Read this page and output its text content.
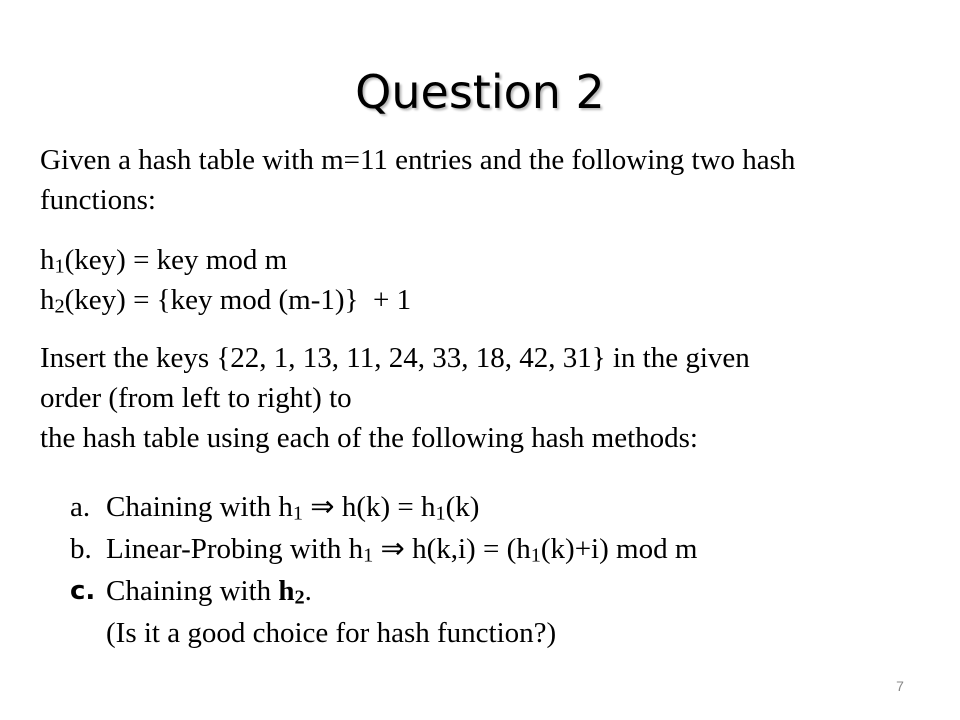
Question 2
Given a hash table with m=11 entries and the following two hash
functions:
h1(key) = key mod m
h2(key) = {key mod (m-1)}  + 1
Insert the keys {22, 1, 13, 11, 24, 33, 18, 42, 31} in the given
order (from left to right) to
the hash table using each of the following hash methods:
a. Chaining with h1 ⇒ h(k) = h1(k)
b. Linear-Probing with h1 ⇒ h(k,i) = (h1(k)+i) mod m
c. Chaining with h2.
(Is it a good choice for hash function?)
7
